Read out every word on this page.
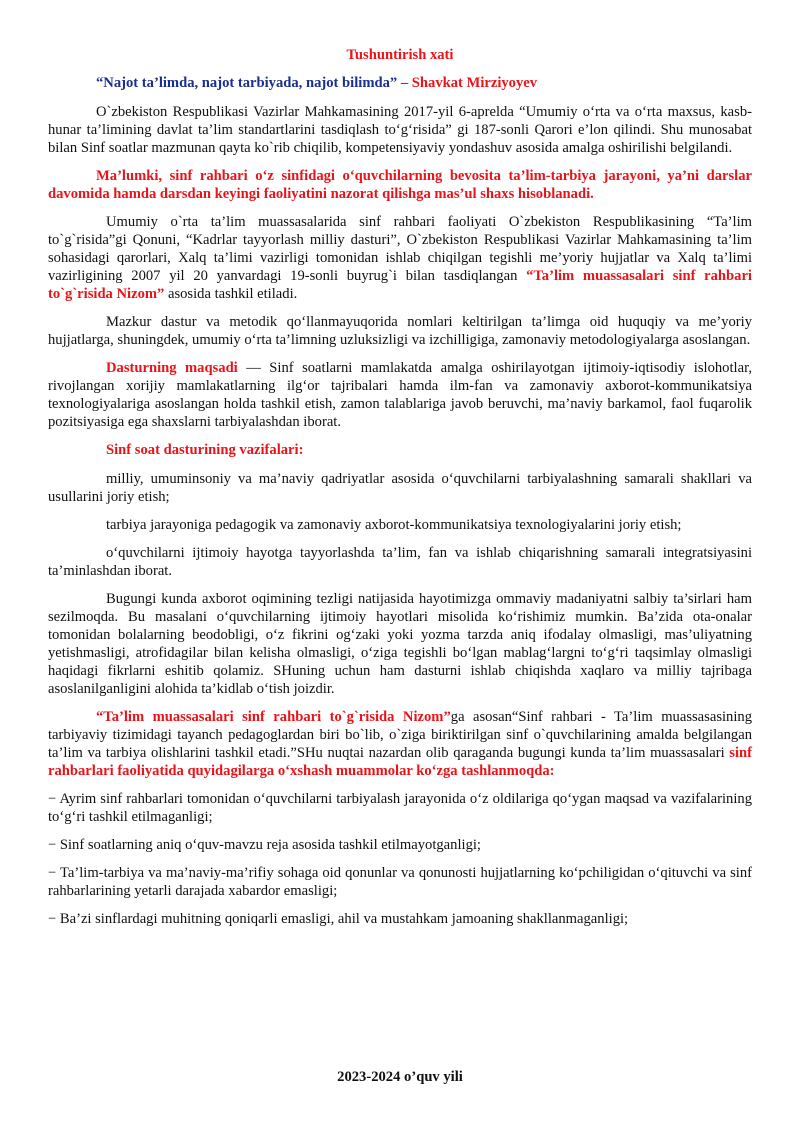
Tushuntirish xati
“Najot ta’limda, najot tarbiyada, najot bilimda” – Shavkat Mirziyoyev

O`zbekiston Respublikasi Vazirlar Mahkamasining 2017-yil 6-aprelda “Umumiy o‘rta va o‘rta maxsus, kasb-hunar ta’limining davlat ta’lim standartlarini tasdiqlash to‘g‘risida” gi 187-sonli Qarori e’lon qilindi. Shu munosabat bilan Sinf soatlar mazmunan qayta ko`rib chiqilib, kompetensiyaviy yondashuv asosida amalga oshirilishi belgilandi.

Ma’lumki, sinf rahbari o‘z sinfidagi o‘quvchilarning bevosita ta’lim-tarbiya jarayoni, ya’ni darslar davomida hamda darsdan keyingi faoliyatini nazorat qilishga mas’ul shaxs hisoblanadi.

Umumiy o`rta ta’lim muassasalarida sinf rahbari faoliyati O`zbekiston Respublikasining “Ta’lim to`g`risida”gi Qonuni, “Kadrlar tayyorlash milliy dasturi”, O`zbekiston Respublikasi Vazirlar Mahkamasining ta’lim sohasidagi qarorlari, Xalq ta’limi vazirligi tomonidan ishlab chiqilgan tegishli me’yoriy hujjatlar va Xalq ta’limi vazirligining 2007 yil 20 yanvardagi 19-sonli buyrug`i bilan tasdiqlangan “Ta’lim muassasalari sinf rahbari to`g`risida Nizom” asosida tashkil etiladi.

Mazkur dastur va metodik qo‘llanmayuqorida nomlari keltirilgan ta’limga oid huquqiy va me’yoriy hujjatlarga, shuningdek, umumiy o‘rta ta’limning uzluksizligi va izchilligiga, zamonaviy metodologiyalarga asoslangan.

Dasturning maqsadi — Sinf soatlarni mamlakatda amalga oshirilayotgan ijtimoiy-iqtisodiy islohotlar, rivojlangan xorijiy mamlakatlarning ilg‘or tajribalari hamda ilm-fan va zamonaviy axborot-kommunikatsiya texnologiyalariga asoslangan holda tashkil etish, zamon talablariga javob beruvchi, ma’naviy barkamol, faol fuqarolik pozitsiyasiga ega shaxslarni tarbiyalashdan iborat.

Sinf soat dasturining vazifalari:

milliy, umuminsoniy va ma’naviy qadriyatlar asosida o‘quvchilarni tarbiyalashning samarali shakllari va usullarini joriy etish;

tarbiya jarayoniga pedagogik va zamonaviy axborot-kommunikatsiya texnologiyalarini joriy etish;

o‘quvchilarni ijtimoiy hayotga tayyorlashda ta’lim, fan va ishlab chiqarishning samarali integratsiyasini ta’minlashdan iborat.

Bugungi kunda axborot oqimining tezligi natijasida hayotimizga ommaviy madaniyatni salbiy ta’sirlari ham sezilmoqda. Bu masalani o‘quvchilarning ijtimoiy hayotlari misolida ko‘rishimiz mumkin. Ba’zida ota-onalar tomonidan bolalarning beodobligi, o‘z fikrini og‘zaki yoki yozma tarzda aniq ifodalay olmasligi, mas’uliyatning yetishmasligi, atrofidagilar bilan kelisha olmasligi, o‘ziga tegishli bo‘lgan mablag‘largni to‘g‘ri taqsimlay olmasligi haqidagi fikrlarni eshitib qolamiz. SHuning uchun ham dasturni ishlab chiqishda xaqlaro va milliy tajribaga asoslanilganligini alohida ta’kidlab o‘tish joizdir.

“Ta’lim muassasalari sinf rahbari to`g`risida Nizom”ga asosan“Sinf rahbari - Ta’lim muassasasining tarbiyaviy tizimidagi tayanch pedagoglardan biri bo`lib, o`ziga biriktirilgan sinf o`quvchilarining amalda belgilangan ta’lim va tarbiya olishlarini tashkil etadi.”SHu nuqtai nazardan olib qaraganda bugungi kunda ta’lim muassasalari sinf rahbarlari faoliyatida quyidagilarga o‘xshash muammolar ko‘zga tashlanmoqda:

− Ayrim sinf rahbarlari tomonidan o‘quvchilarni tarbiyalash jarayonida o‘z oldilariga qo‘ygan maqsad va vazifalarining to‘g‘ri tashkil etilmaganligi;

− Sinf soatlarning aniq o‘quv-mavzu reja asosida tashkil etilmayotganligi;

− Ta’lim-tarbiya va ma’naviy-ma’rifiy sohaga oid qonunlar va qonunosti hujjatlarning ko‘pchiligidan o‘qituvchi va sinf rahbarlarining yetarli darajada xabardor emasligi;

− Ba’zi sinflardagi muhitning qoniqarli emasligi, ahil va mustahkam jamoaning shakllanmaganligi;

2023-2024 o’quv yili
